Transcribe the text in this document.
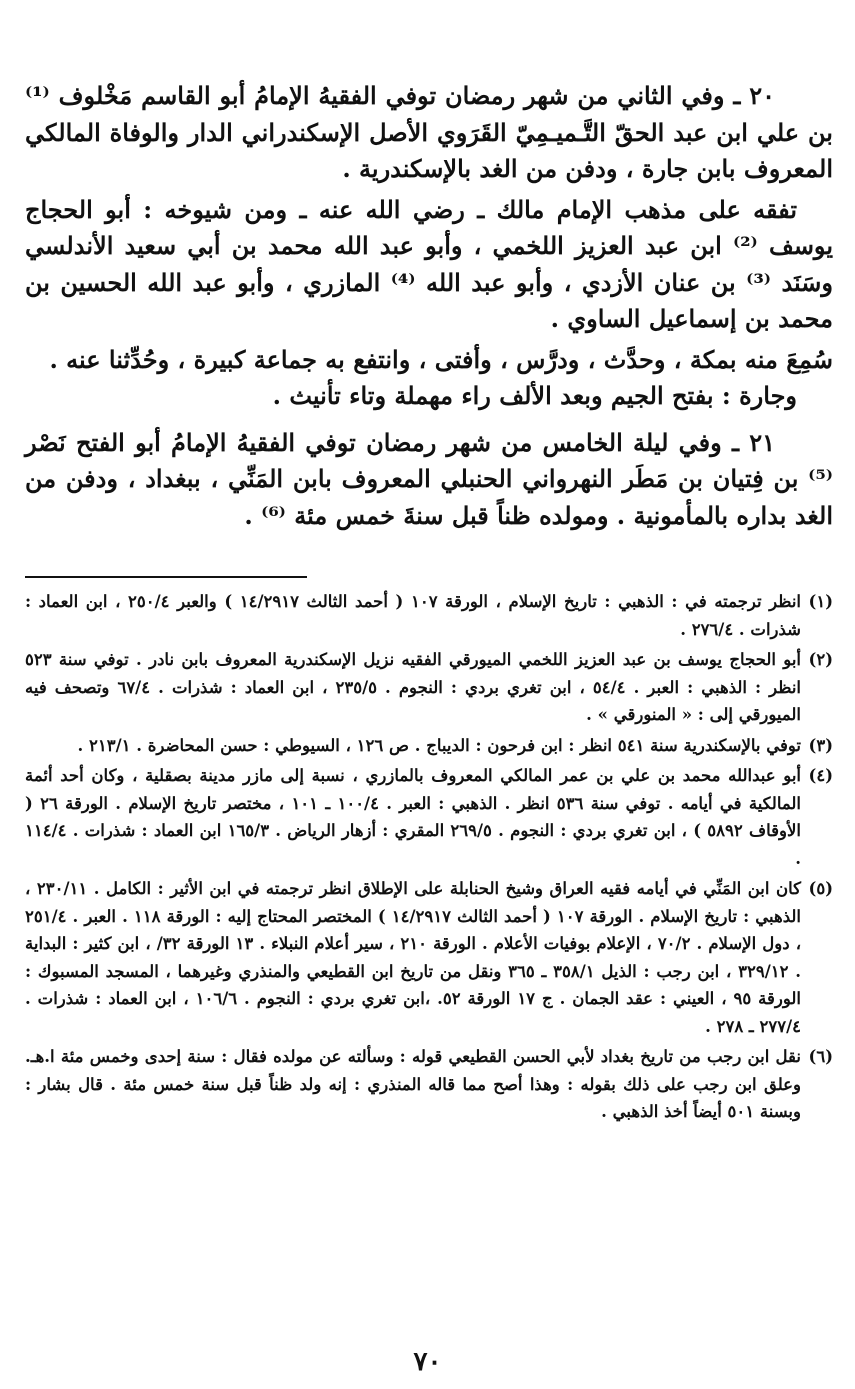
٢٠ ـ وفي الثاني من شهر رمضان توفي الفقيهُ الإمامُ أبو القاسم مَخْلوف ⁽¹⁾ بن علي ابن عبد الحقّ التَّـميـمِيّ القَرَوي الأصل الإسكندراني الدار والوفاة المالكي المعروف بابن جارة ، ودفن من الغد بالإسكندرية .

تفقه على مذهب الإمام مالك ـ رضي الله عنه ـ ومن شيوخه : أبو الحجاج يوسف ⁽²⁾ ابن عبد العزيز اللخمي ، وأبو عبد الله محمد بن أبي سعيد الأندلسي وسَنَد ⁽³⁾ بن عنان الأزدي ، وأبو عبد الله ⁽⁴⁾ المازري ، وأبو عبد الله الحسين بن محمد بن إسماعيل الساوي .

سُمِعَ منه بمكة ، وحدَّث ، ودرَّس ، وأفتى ، وانتفع به جماعة كبيرة ، وحُدِّثنا عنه .

وجارة : بفتح الجيم وبعد الألف راء مهملة وتاء تأنيث .

٢١ ـ وفي ليلة الخامس من شهر رمضان توفي الفقيهُ الإمامُ أبو الفتح نَصْر ⁽⁵⁾ بن فِتيان بن مَطَر النهرواني الحنبلي المعروف بابن المَنِّي ، ببغداد ، ودفن من الغد بداره بالمأمونية . ومولده ظناً قبل سنةَ خمس مئة ⁽⁶⁾ .

(١)
انظر ترجمته في : الذهبي : تاريخ الإسلام ، الورقة ١٠٧ ( أحمد الثالث ١٤/٢٩١٧ ) والعبر ٢٥٠/٤ ، ابن العماد : شذرات . ٢٧٦/٤ .
(٢)
أبو الحجاج يوسف بن عبد العزيز اللخمي الميورقي الفقيه نزيل الإسكندرية المعروف بابن نادر . توفي سنة ٥٢٣ انظر : الذهبي : العبر . ٥٤/٤ ، ابن تغري بردي : النجوم . ٢٣٥/٥ ، ابن العماد : شذرات . ٦٧/٤ وتصحف فيه الميورقي إلى : « المنورقي » .
(٣)
توفي بالإسكندرية سنة ٥٤١ انظر : ابن فرحون : الديباج . ص ١٢٦ ، السيوطي : حسن المحاضرة . ٢١٣/١ .
(٤)
أبو عبدالله محمد بن علي بن عمر المالكي المعروف بالمازري ، نسبة إلى مازر مدينة بصقلية ، وكان أحد أئمة المالكية في أيامه . توفي سنة ٥٣٦ انظر . الذهبي : العبر . ١٠٠/٤ ـ ١٠١ ، مختصر تاريخ الإسلام . الورقة ٢٦ ( الأوقاف ٥٨٩٢ ) ، ابن تغري بردي : النجوم . ٢٦٩/٥ المقري : أزهار الرياض . ١٦٥/٣ ابن العماد : شذرات . ١١٤/٤ .
(٥)
كان ابن المَنِّي في أيامه فقيه العراق وشيخ الحنابلة على الإطلاق انظر ترجمته في ابن الأثير : الكامل . ٢٣٠/١١ ، الذهبي : تاريخ الإسلام . الورقة ١٠٧ ( أحمد الثالث ١٤/٢٩١٧ ) المختصر المحتاج إليه : الورقة ١١٨ . العبر . ٢٥١/٤ ، دول الإسلام . ٧٠/٢ ، الإعلام بوفيات الأعلام . الورقة ٢١٠ ، سير أعلام النبلاء . ١٣ الورقة ٣٢/ ، ابن كثير : البداية . ٣٢٩/١٢ ، ابن رجب : الذيل ٣٥٨/١ ـ ٣٦٥ ونقل من تاريخ ابن القطيعي والمنذري وغيرهما ، المسجد المسبوك : الورقة ٩٥ ، العيني : عقد الجمان . ج ١٧ الورقة ٥٢. ،ابن تغري بردي : النجوم . ١٠٦/٦ ، ابن العماد : شذرات . ٢٧٧/٤ ـ ٢٧٨ .
(٦)
نقل ابن رجب من تاريخ بغداد لأبي الحسن القطيعي قوله : وسألته عن مولده فقال : سنة إحدى وخمس مئة ا.هـ. وعلق ابن رجب على ذلك بقوله : وهذا أصح مما قاله المنذري : إنه ولد ظناً قبل سنة خمس مئة . قال بشار : وبسنة ٥٠١ أيضاً أخذ الذهبي .
٧٠
